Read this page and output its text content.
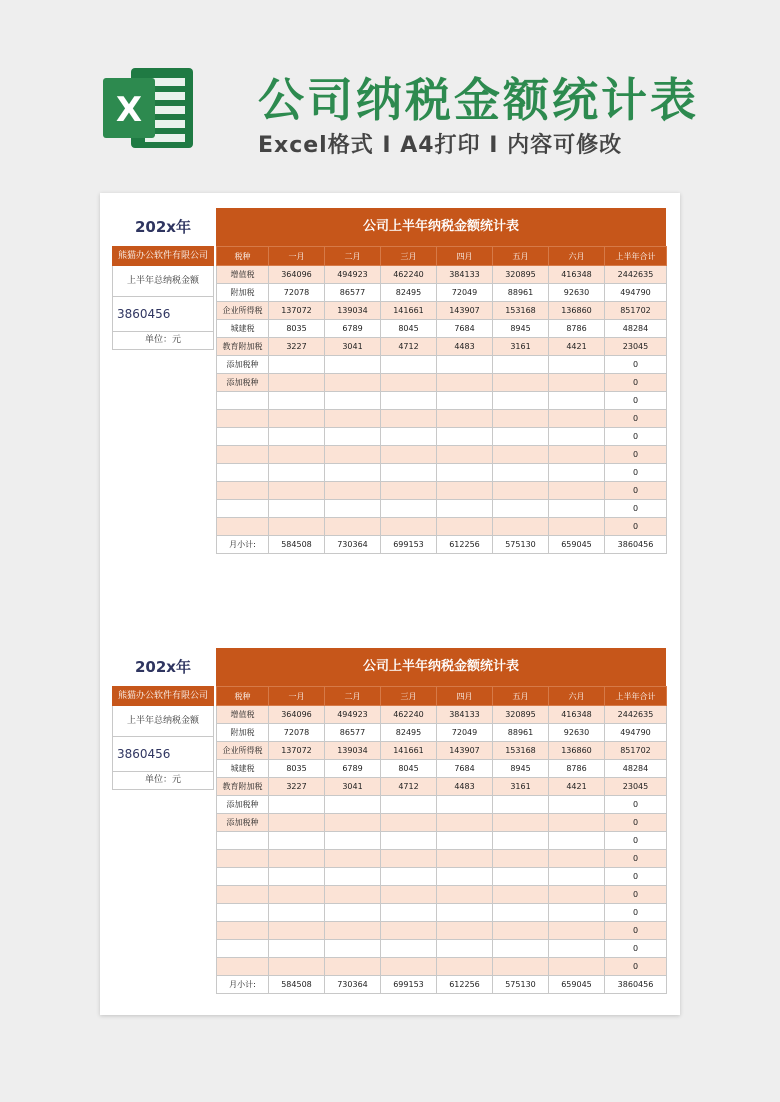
X	公司纳税金额统计表
Excel格式 I A4打印 I 内容可修改
202x年
熊猫办公软件有限公司
上半年总纳税金额
3860456
单位：元
公司上半年纳税金额统计表
税种	一月	二月	三月	四月	五月	六月	上半年合计
增值税	364096	494923	462240	384133	320895	416348	2442635
附加税	72078	86577	82495	72049	88961	92630	494790
企业所得税	137072	139034	141661	143907	153168	136860	851702
城建税	8035	6789	8045	7684	8945	8786	48284
教育附加税	3227	3041	4712	4483	3161	4421	23045
添加税种							0
添加税种							0
							0
							0
							0
							0
							0
							0
							0
							0
月小计:	584508	730364	699153	612256	575130	659045	3860456
202x年
熊猫办公软件有限公司
上半年总纳税金额
3860456
单位：元
公司上半年纳税金额统计表
税种	一月	二月	三月	四月	五月	六月	上半年合计
增值税	364096	494923	462240	384133	320895	416348	2442635
附加税	72078	86577	82495	72049	88961	92630	494790
企业所得税	137072	139034	141661	143907	153168	136860	851702
城建税	8035	6789	8045	7684	8945	8786	48284
教育附加税	3227	3041	4712	4483	3161	4421	23045
添加税种							0
添加税种							0
							0
							0
							0
							0
							0
							0
							0
							0
月小计:	584508	730364	699153	612256	575130	659045	3860456
